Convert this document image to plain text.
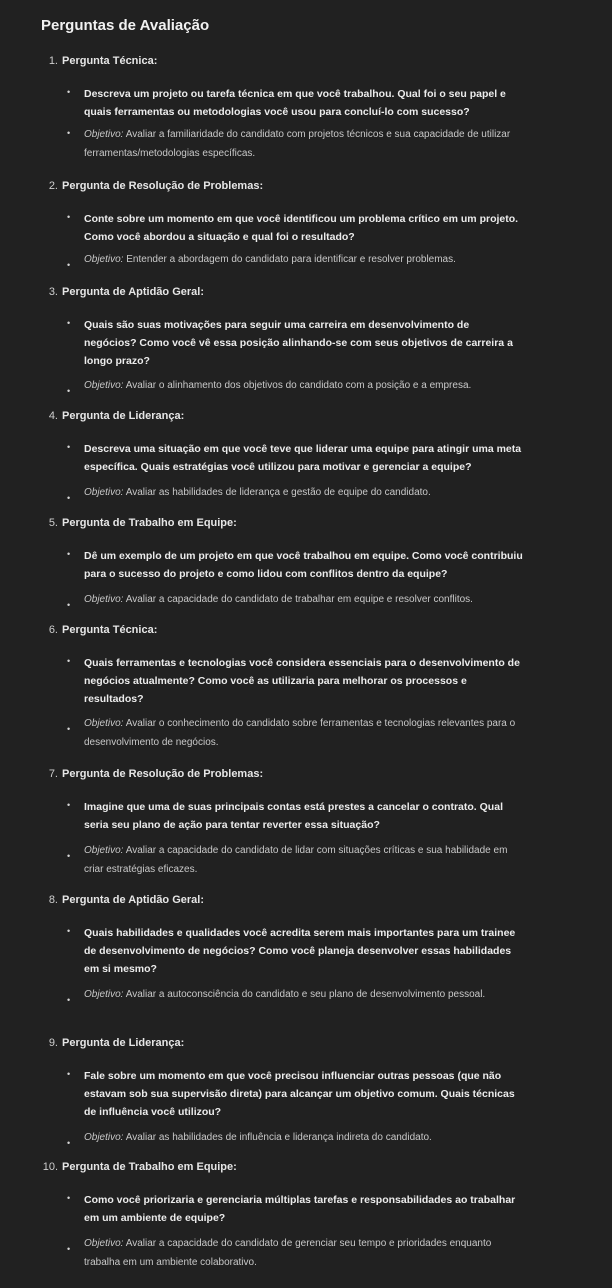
Perguntas de Avaliação
1. Pergunta Técnica:
• Descreva um projeto ou tarefa técnica em que você trabalhou. Qual foi o seu papel e quais ferramentas ou metodologias você usou para concluí-lo com sucesso?
• Objetivo: Avaliar a familiaridade do candidato com projetos técnicos e sua capacidade de utilizar ferramentas/metodologias específicas.
2. Pergunta de Resolução de Problemas:
• Conte sobre um momento em que você identificou um problema crítico em um projeto. Como você abordou a situação e qual foi o resultado?
• Objetivo: Entender a abordagem do candidato para identificar e resolver problemas.
3. Pergunta de Aptidão Geral:
• Quais são suas motivações para seguir uma carreira em desenvolvimento de negócios? Como você vê essa posição alinhando-se com seus objetivos de carreira a longo prazo?
• Objetivo: Avaliar o alinhamento dos objetivos do candidato com a posição e a empresa.
4. Pergunta de Liderança:
• Descreva uma situação em que você teve que liderar uma equipe para atingir uma meta específica. Quais estratégias você utilizou para motivar e gerenciar a equipe?
• Objetivo: Avaliar as habilidades de liderança e gestão de equipe do candidato.
5. Pergunta de Trabalho em Equipe:
• Dê um exemplo de um projeto em que você trabalhou em equipe. Como você contribuiu para o sucesso do projeto e como lidou com conflitos dentro da equipe?
• Objetivo: Avaliar a capacidade do candidato de trabalhar em equipe e resolver conflitos.
6. Pergunta Técnica:
• Quais ferramentas e tecnologias você considera essenciais para o desenvolvimento de negócios atualmente? Como você as utilizaria para melhorar os processos e resultados?
• Objetivo: Avaliar o conhecimento do candidato sobre ferramentas e tecnologias relevantes para o desenvolvimento de negócios.
7. Pergunta de Resolução de Problemas:
• Imagine que uma de suas principais contas está prestes a cancelar o contrato. Qual seria seu plano de ação para tentar reverter essa situação?
• Objetivo: Avaliar a capacidade do candidato de lidar com situações críticas e sua habilidade em criar estratégias eficazes.
8. Pergunta de Aptidão Geral:
• Quais habilidades e qualidades você acredita serem mais importantes para um trainee de desenvolvimento de negócios? Como você planeja desenvolver essas habilidades em si mesmo?
• Objetivo: Avaliar a autoconsciência do candidato e seu plano de desenvolvimento pessoal.
9. Pergunta de Liderança:
• Fale sobre um momento em que você precisou influenciar outras pessoas (que não estavam sob sua supervisão direta) para alcançar um objetivo comum. Quais técnicas de influência você utilizou?
• Objetivo: Avaliar as habilidades de influência e liderança indireta do candidato.
10. Pergunta de Trabalho em Equipe:
• Como você priorizaria e gerenciaria múltiplas tarefas e responsabilidades ao trabalhar em um ambiente de equipe?
• Objetivo: Avaliar a capacidade do candidato de gerenciar seu tempo e prioridades enquanto trabalha em um ambiente colaborativo.
